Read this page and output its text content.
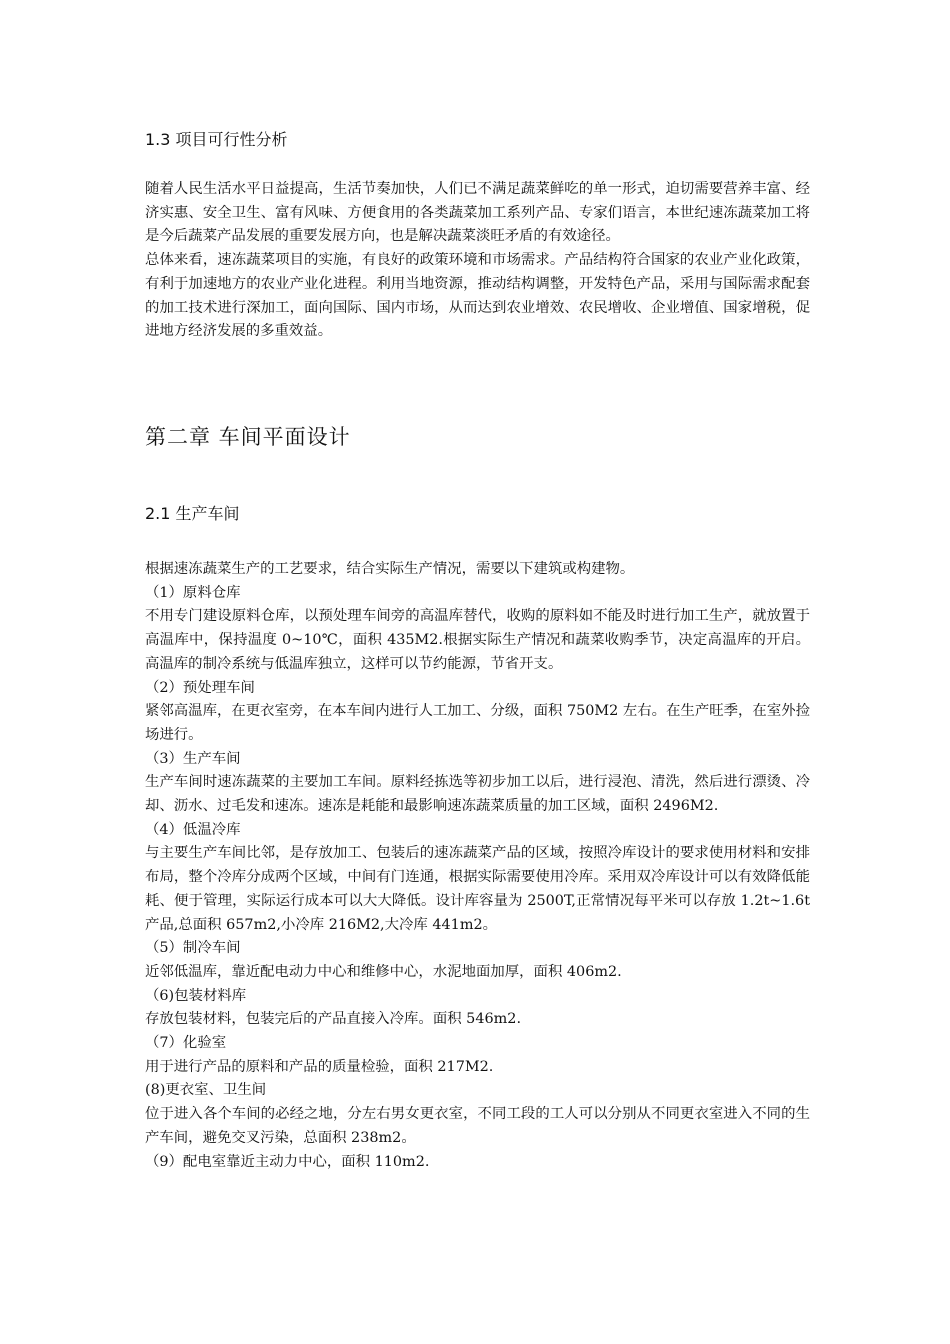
1.3 项目可行性分析
随着人民生活水平日益提高，生活节奏加快，人们已不满足蔬菜鲜吃的单一形式，迫切需要营养丰富、经济实惠、安全卫生、富有风味、方便食用的各类蔬菜加工系列产品、专家们语言，本世纪速冻蔬菜加工将是今后蔬菜产品发展的重要发展方向，也是解决蔬菜淡旺矛盾的有效途径。
总体来看，速冻蔬菜项目的实施，有良好的政策环境和市场需求。产品结构符合国家的农业产业化政策，有利于加速地方的农业产业化进程。利用当地资源，推动结构调整，开发特色产品，采用与国际需求配套的加工技术进行深加工，面向国际、国内市场，从而达到农业增效、农民增收、企业增值、国家增税，促进地方经济发展的多重效益。
第二章 车间平面设计
2.1 生产车间
根据速冻蔬菜生产的工艺要求，结合实际生产情况，需要以下建筑或构建物。
（1）原料仓库
不用专门建设原料仓库，以预处理车间旁的高温库替代，收购的原料如不能及时进行加工生产，就放置于高温库中，保持温度 0~10℃，面积 435M2.根据实际生产情况和蔬菜收购季节，决定高温库的开启。高温库的制冷系统与低温库独立，这样可以节约能源，节省开支。
（2）预处理车间
紧邻高温库，在更衣室旁，在本车间内进行人工加工、分级，面积 750M2 左右。在生产旺季，在室外捡场进行。
（3）生产车间
生产车间时速冻蔬菜的主要加工车间。原料经拣选等初步加工以后，进行浸泡、清洗，然后进行漂烫、冷却、沥水、过毛发和速冻。速冻是耗能和最影响速冻蔬菜质量的加工区域，面积 2496M2.
（4）低温冷库
与主要生产车间比邻，是存放加工、包装后的速冻蔬菜产品的区域，按照冷库设计的要求使用材料和安排布局，整个冷库分成两个区域，中间有门连通，根据实际需要使用冷库。采用双冷库设计可以有效降低能耗、便于管理，实际运行成本可以大大降低。设计库容量为 2500T,正常情况每平米可以存放 1.2t~1.6t 产品,总面积 657m2,小冷库 216M2,大冷库 441m2。
（5）制冷车间
近邻低温库，靠近配电动力中心和维修中心，水泥地面加厚，面积 406m2.
（6)包装材料库
存放包装材料，包装完后的产品直接入冷库。面积 546m2.
（7）化验室
用于进行产品的原料和产品的质量检验，面积 217M2.
(8)更衣室、卫生间
位于进入各个车间的必经之地，分左右男女更衣室，不同工段的工人可以分别从不同更衣室进入不同的生产车间，避免交叉污染，总面积 238m2。
（9）配电室靠近主动力中心，面积 110m2.
